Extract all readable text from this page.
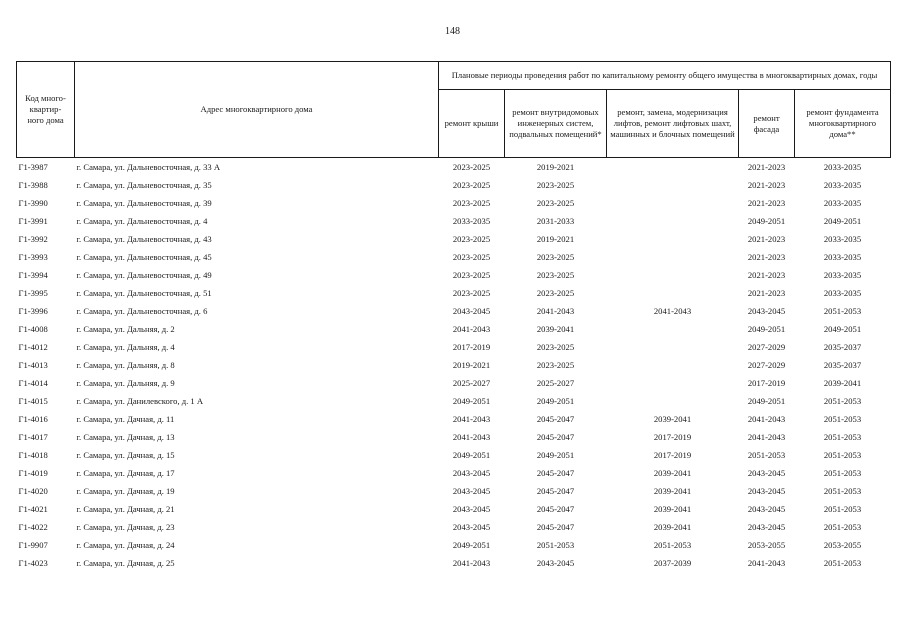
148
Код много-
квартир-
ного дома	Адрес многоквартирного дома	Плановые периоды проведения работ по капитальному ремонту общего имущества в многоквартирных домах, годы				
		ремонт крыши	ремонт внутридомовых инженерных систем, подвальных помещений*	ремонт, замена, модернизация лифтов, ремонт лифтовых шахт, машинных и блочных помещений	ремонт фасада	ремонт фундамента многоквартирного дома**
Г1-3987	г. Самара, ул. Дальневосточная, д. 33 А	2023-2025	2019-2021		2021-2023	2033-2035
Г1-3988	г. Самара, ул. Дальневосточная, д. 35	2023-2025	2023-2025		2021-2023	2033-2035
Г1-3990	г. Самара, ул. Дальневосточная, д. 39	2023-2025	2023-2025		2021-2023	2033-2035
Г1-3991	г. Самара, ул. Дальневосточная, д. 4	2033-2035	2031-2033		2049-2051	2049-2051
Г1-3992	г. Самара, ул. Дальневосточная, д. 43	2023-2025	2019-2021		2021-2023	2033-2035
Г1-3993	г. Самара, ул. Дальневосточная, д. 45	2023-2025	2023-2025		2021-2023	2033-2035
Г1-3994	г. Самара, ул. Дальневосточная, д. 49	2023-2025	2023-2025		2021-2023	2033-2035
Г1-3995	г. Самара, ул. Дальневосточная, д. 51	2023-2025	2023-2025		2021-2023	2033-2035
Г1-3996	г. Самара, ул. Дальневосточная, д. 6	2043-2045	2041-2043	2041-2043	2043-2045	2051-2053
Г1-4008	г. Самара, ул. Дальняя, д. 2	2041-2043	2039-2041		2049-2051	2049-2051
Г1-4012	г. Самара, ул. Дальняя, д. 4	2017-2019	2023-2025		2027-2029	2035-2037
Г1-4013	г. Самара, ул. Дальняя, д. 8	2019-2021	2023-2025		2027-2029	2035-2037
Г1-4014	г. Самара, ул. Дальняя, д. 9	2025-2027	2025-2027		2017-2019	2039-2041
Г1-4015	г. Самара, ул. Данилевского, д. 1 А	2049-2051	2049-2051		2049-2051	2051-2053
Г1-4016	г. Самара, ул. Дачная, д. 11	2041-2043	2045-2047	2039-2041	2041-2043	2051-2053
Г1-4017	г. Самара, ул. Дачная, д. 13	2041-2043	2045-2047	2017-2019	2041-2043	2051-2053
Г1-4018	г. Самара, ул. Дачная, д. 15	2049-2051	2049-2051	2017-2019	2051-2053	2051-2053
Г1-4019	г. Самара, ул. Дачная, д. 17	2043-2045	2045-2047	2039-2041	2043-2045	2051-2053
Г1-4020	г. Самара, ул. Дачная, д. 19	2043-2045	2045-2047	2039-2041	2043-2045	2051-2053
Г1-4021	г. Самара, ул. Дачная, д. 21	2043-2045	2045-2047	2039-2041	2043-2045	2051-2053
Г1-4022	г. Самара, ул. Дачная, д. 23	2043-2045	2045-2047	2039-2041	2043-2045	2051-2053
Г1-9907	г. Самара, ул. Дачная, д. 24	2049-2051	2051-2053	2051-2053	2053-2055	2053-2055
Г1-4023	г. Самара, ул. Дачная, д. 25	2041-2043	2043-2045	2037-2039	2041-2043	2051-2053
